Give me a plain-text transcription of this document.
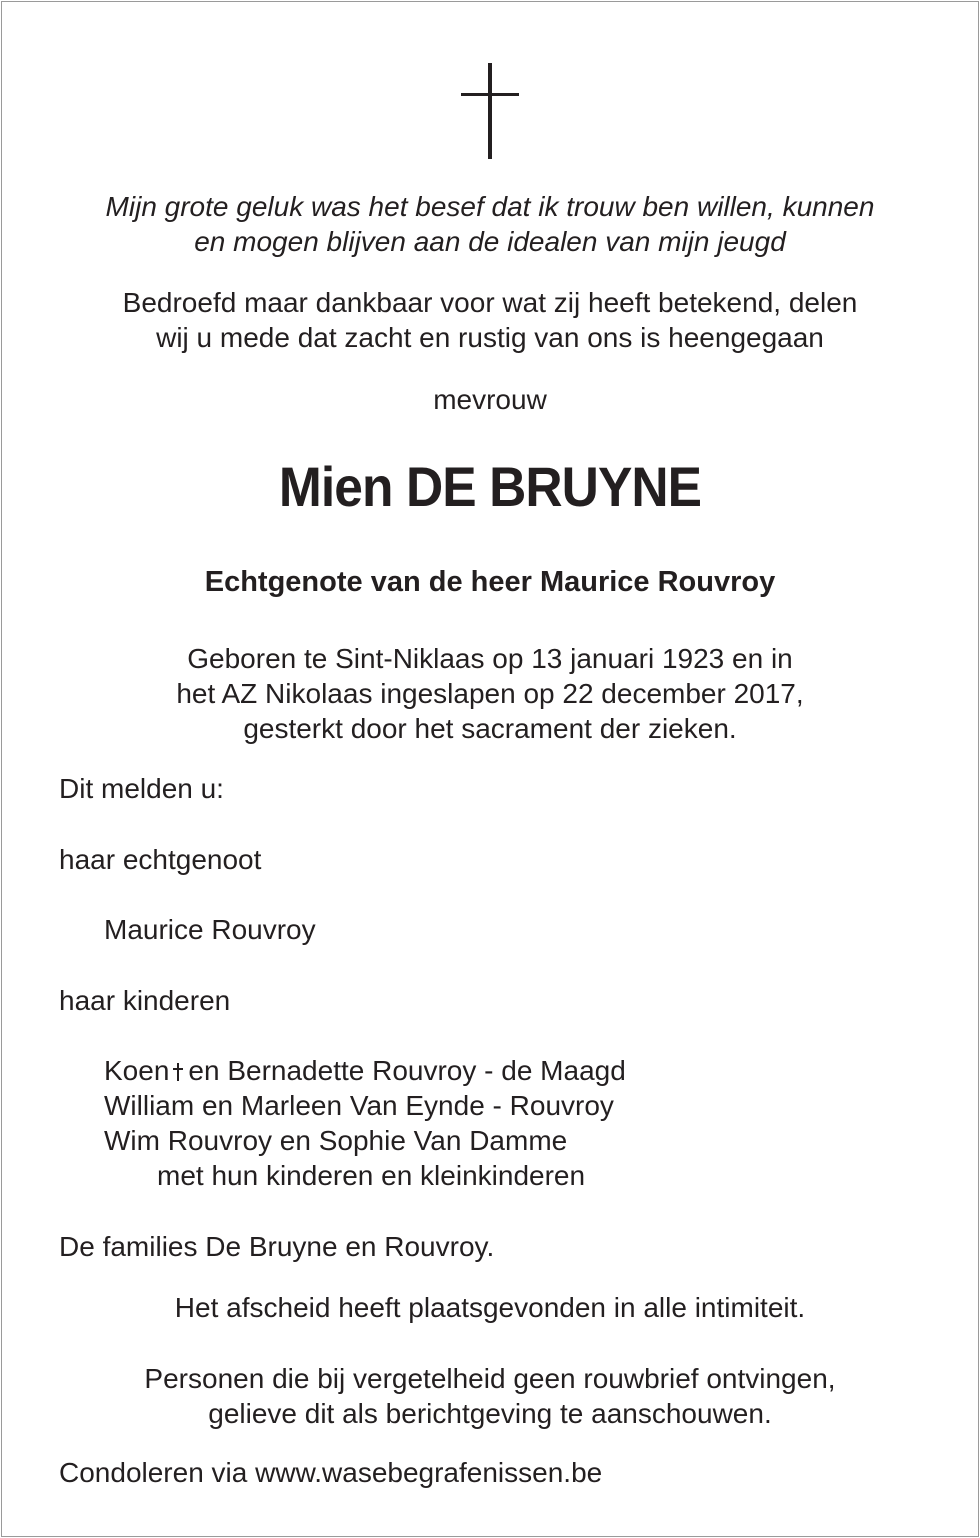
Mijn grote geluk was het besef dat ik trouw ben willen, kunnen
en mogen blijven aan de idealen van mijn jeugd
Bedroefd maar dankbaar voor wat zij heeft betekend, delen
wij u mede dat zacht en rustig van ons is heengegaan
mevrouw
Mien DE BRUYNE
Echtgenote van de heer Maurice Rouvroy
Geboren te Sint-Niklaas op 13 januari 1923 en in
het AZ Nikolaas ingeslapen op 22 december 2017,
gesterkt door het sacrament der zieken.
Dit melden u:
haar echtgenoot
Maurice Rouvroy
haar kinderen
Koen en Bernadette Rouvroy - de Maagd
William en Marleen Van Eynde - Rouvroy
Wim Rouvroy en Sophie Van Damme
met hun kinderen en kleinkinderen
De families De Bruyne en Rouvroy.
Het afscheid heeft plaatsgevonden in alle intimiteit.
Personen die bij vergetelheid geen rouwbrief ontvingen,
gelieve dit als berichtgeving te aanschouwen.
Condoleren via www.wasebegrafenissen.be
